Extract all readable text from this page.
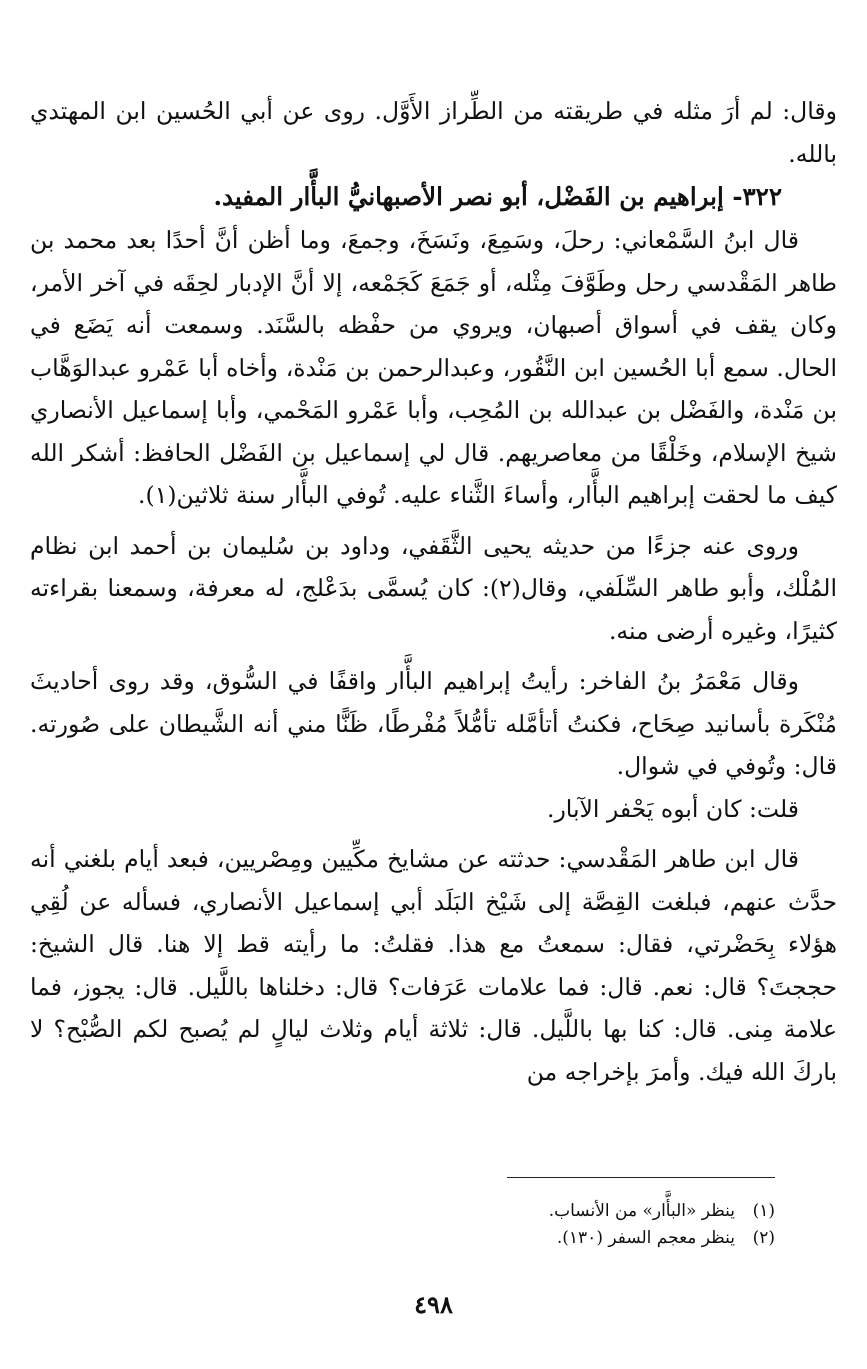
وقال: لم أرَ مثله في طريقته من الطِّراز الأَوَّل. روى عن أبي الحُسين ابن المهتدي بالله.

٣٢٢- إبراهيم بن الفَضْل، أبو نصر الأصبهانيُّ البأَّار المفيد.

قال ابنُ السَّمْعاني: رحلَ، وسَمِعَ، ونَسَخَ، وجمعَ، وما أظن أنَّ أحدًا بعد محمد بن طاهر المَقْدسي رحل وطَوَّفَ مِثْله، أو جَمَعَ كَجَمْعه، إلا أنَّ الإدبار لحِقَه في آخر الأمر، وكان يقف في أسواق أصبهان، ويروي من حفْظه بالسَّنَد. وسمعت أنه يَضَع في الحال. سمع أبا الحُسين ابن النَّقُور، وعبدالرحمن بن مَنْدة، وأخاه أبا عَمْرو عبدالوَهَّاب بن مَنْدة، والفَضْل بن عبدالله بن المُحِب، وأبا عَمْرو المَحْمي، وأبا إسماعيل الأنصاري شيخ الإسلام، وخَلْقًا من معاصريهم. قال لي إسماعيل بن الفَضْل الحافظ: أشكر الله كيف ما لحقت إبراهيم البأَّار، وأساءَ الثَّناء عليه. تُوفي البأَّار سنة ثلاثين(١).

وروى عنه جزءًا من حديثه يحيى الثَّقَفي، وداود بن سُليمان بن أحمد ابن نظام المُلْك، وأبو طاهر السِّلَفي، وقال(٢): كان يُسمَّى بدَعْلج، له معرفة، وسمعنا بقراءته كثيرًا، وغيره أرضى منه.

وقال مَعْمَرُ بنُ الفاخر: رأيتُ إبراهيم البأَّار واقفًا في السُّوق، وقد روى أحاديثَ مُنْكَرة بأسانيد صِحَاح، فكنتُ أتأمَّله تأمُّلاً مُفْرطًا، ظَنًّا مني أنه الشَّيطان على صُورته. قال: وتُوفي في شوال.

قلت: كان أبوه يَحْفر الآبار.

قال ابن طاهر المَقْدسي: حدثته عن مشايخ مكِّيين ومِصْريين، فبعد أيام بلغني أنه حدَّث عنهم، فبلغت القِصَّة إلى شَيْخ البَلَد أبي إسماعيل الأنصاري، فسأله عن لُقِي هؤلاء بِحَضْرتي، فقال: سمعتُ مع هذا. فقلتُ: ما رأيته قط إلا هنا. قال الشيخ: حججتَ؟ قال: نعم. قال: فما علامات عَرَفات؟ قال: دخلناها باللَّيل. قال: يجوز، فما علامة مِنى. قال: كنا بها باللَّيل. قال: ثلاثة أيام وثلاث ليالٍ لم يُصبح لكم الصُّبْح؟ لا باركَ الله فيك. وأمرَ بإخراجه من

(١)
ينظر «البأَّار» من الأنساب.
(٢)
ينظر معجم السفر (١٣٠).
٤٩٨
